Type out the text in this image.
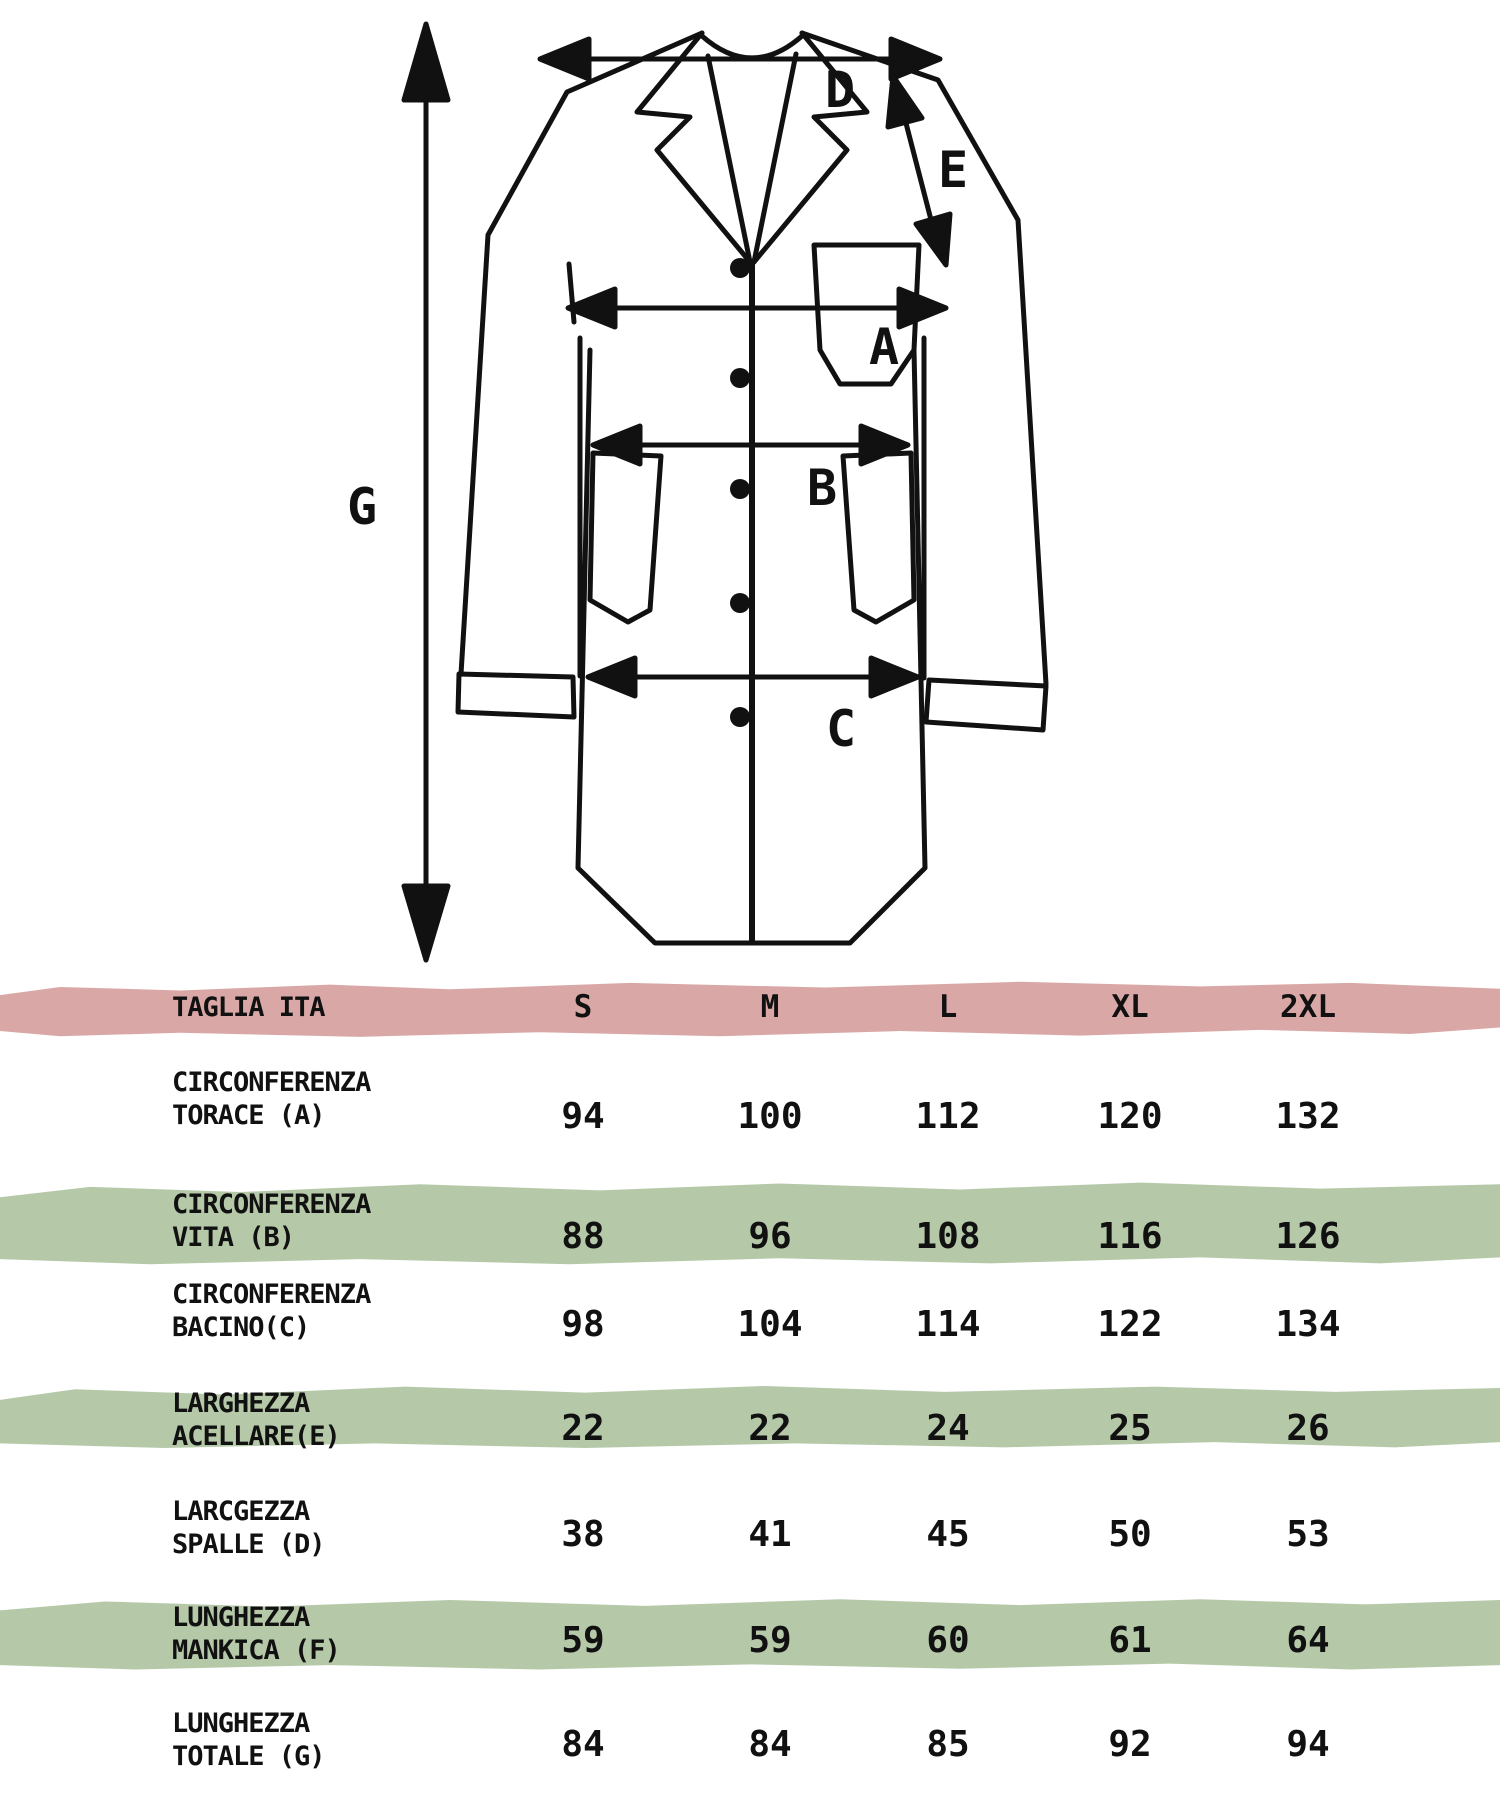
G
D
E
A
B
C
TAGLIA ITA	S	M	L	XL	2XL
CIRCONFERENZA
TORACE (A)	94	100	112	120	132
CIRCONFERENZA
VITA (B)	88	96	108	116	126
CIRCONFERENZA
BACINO(C)	98	104	114	122	134
LARGHEZZA
ACELLARE(E)	22	22	24	25	26
LARCGEZZA
SPALLE (D)	38	41	45	50	53
LUNGHEZZA
MANKICA (F)	59	59	60	61	64
LUNGHEZZA
TOTALE (G)	84	84	85	92	94
